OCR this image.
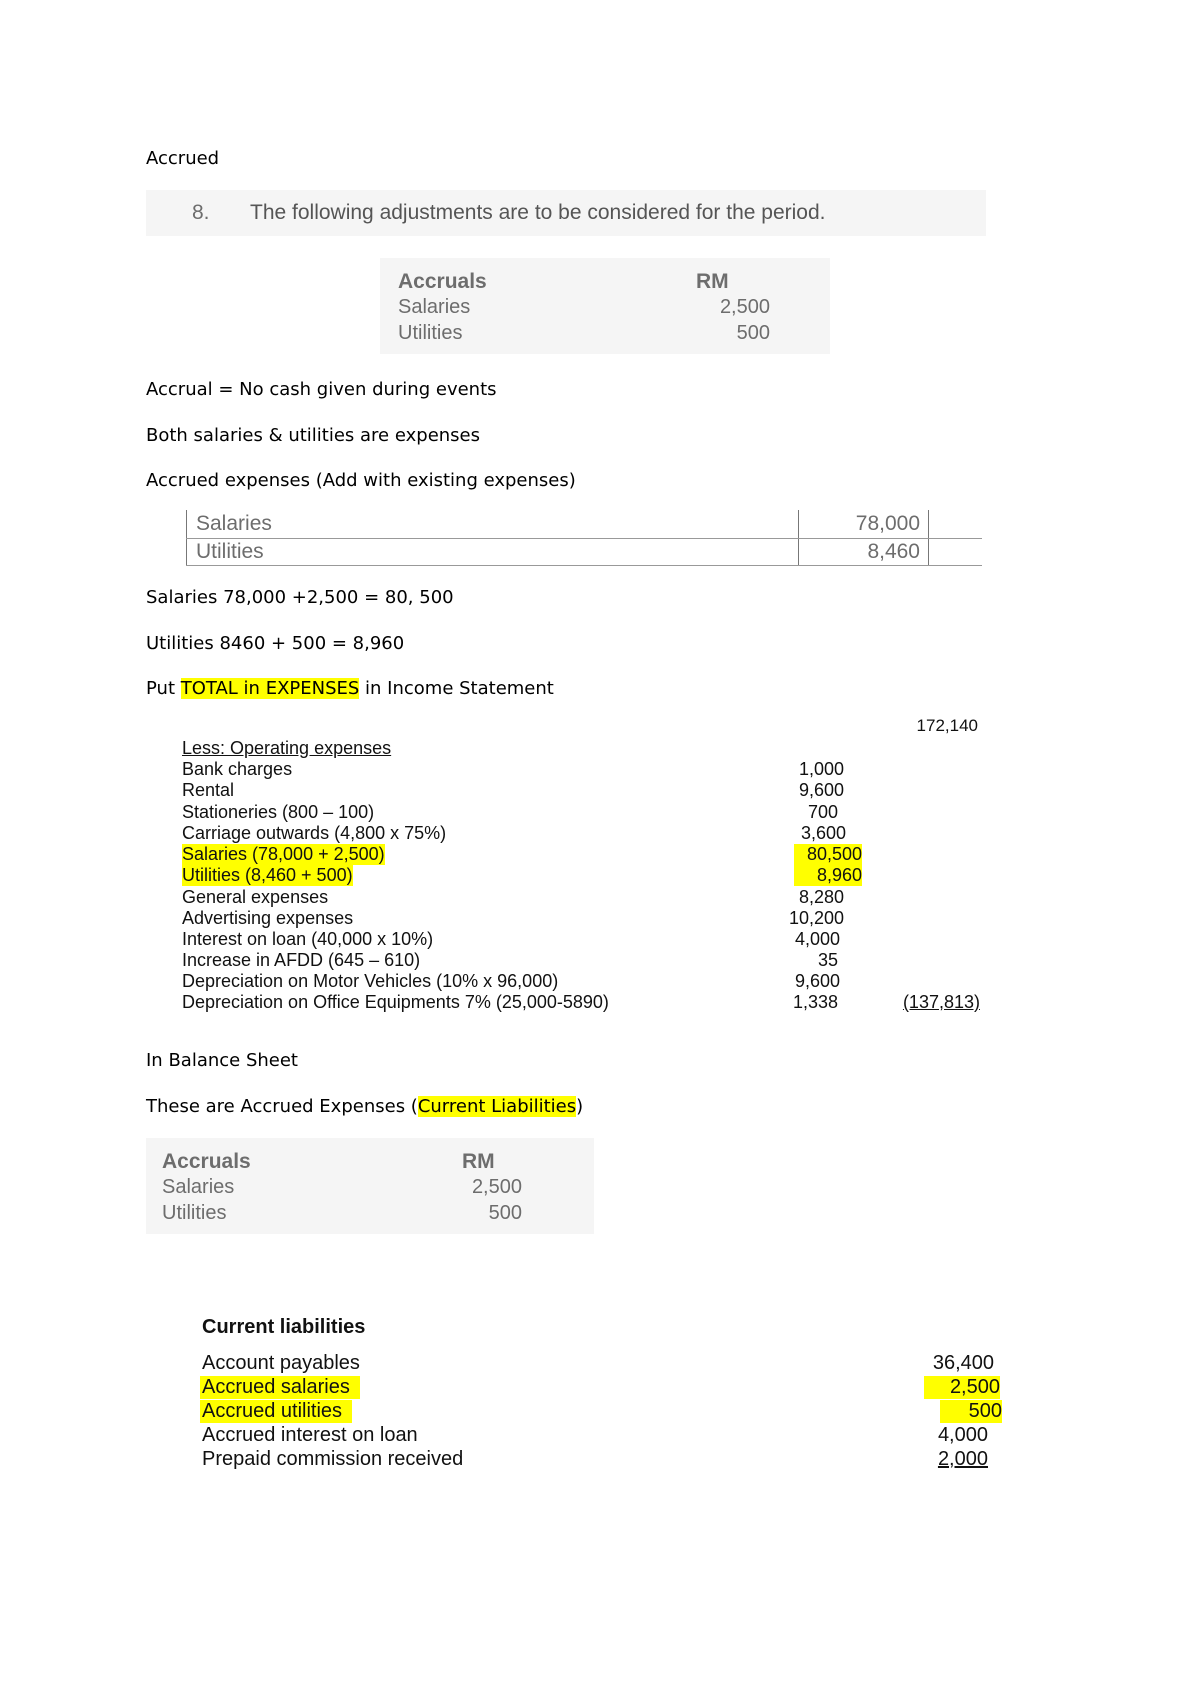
Accrued
8. The following adjustments are to be considered for the period.
Accruals	RM
Salaries	2,500
Utilities	500
Accrual = No cash given during events
Both salaries & utilities are expenses
Accrued expenses (Add with existing expenses)
Salaries	78,000
Utilities	8,460
Salaries 78,000 +2,500 = 80, 500
Utilities 8460 + 500 = 8,960
Put TOTAL in EXPENSES in Income Statement
172,140
Less: Operating expenses
Bank charges	1,000
Rental	9,600
Stationeries (800 – 100)	700
Carriage outwards (4,800 x 75%)	3,600
Salaries (78,000 + 2,500)	80,500
Utilities (8,460 + 500)	8,960
General expenses	8,280
Advertising expenses	10,200
Interest on loan (40,000 x 10%)	4,000
Increase in AFDD (645 – 610)	35
Depreciation on Motor Vehicles (10% x 96,000)	9,600
Depreciation on Office Equipments 7% (25,000-5890)	1,338	(137,813)
In Balance Sheet
These are Accrued Expenses (Current Liabilities)
Accruals	RM
Salaries	2,500
Utilities	500
Current liabilities
Account payables	36,400
Accrued salaries	2,500
Accrued utilities	500
Accrued interest on loan	4,000
Prepaid commission received	2,000
